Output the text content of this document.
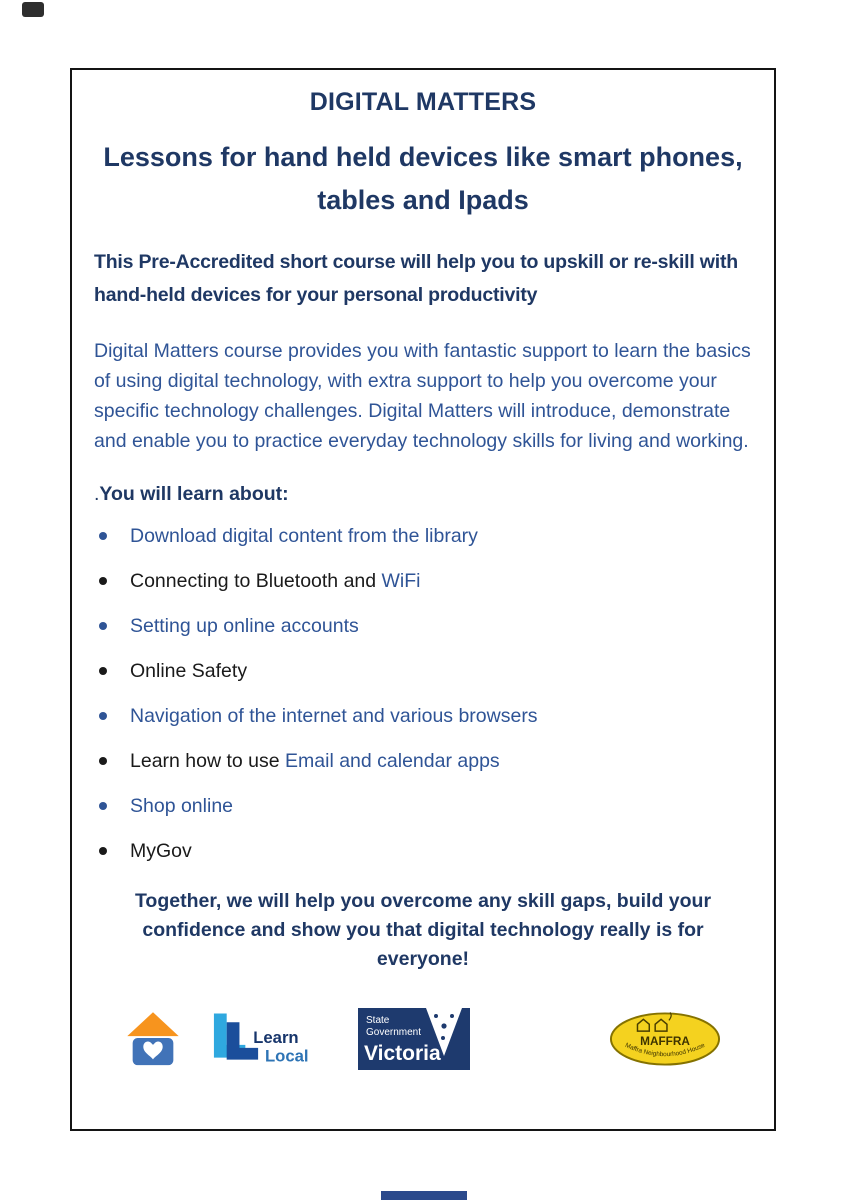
DIGITAL MATTERS
Lessons for hand held devices like smart phones, tables and Ipads
This Pre-Accredited short course will help you to upskill or re-skill with hand-held devices for your personal productivity
Digital Matters course provides you with fantastic support to learn the basics of using digital technology, with extra support to help you overcome your specific technology challenges. Digital Matters will introduce, demonstrate and enable you to practice everyday technology skills for living and working.
.You will learn about:
Download digital content from the library
Connecting to Bluetooth and WiFi
Setting up online accounts
Online Safety
Navigation of the internet and various browsers
Learn how to use Email and calendar apps
Shop online
MyGov
Together, we will help you overcome any skill gaps, build your confidence and show you that digital technology really is for everyone!
Learn
Local
State
Government
Victoria
MAFFRA
Maffra Neighbourhood House
